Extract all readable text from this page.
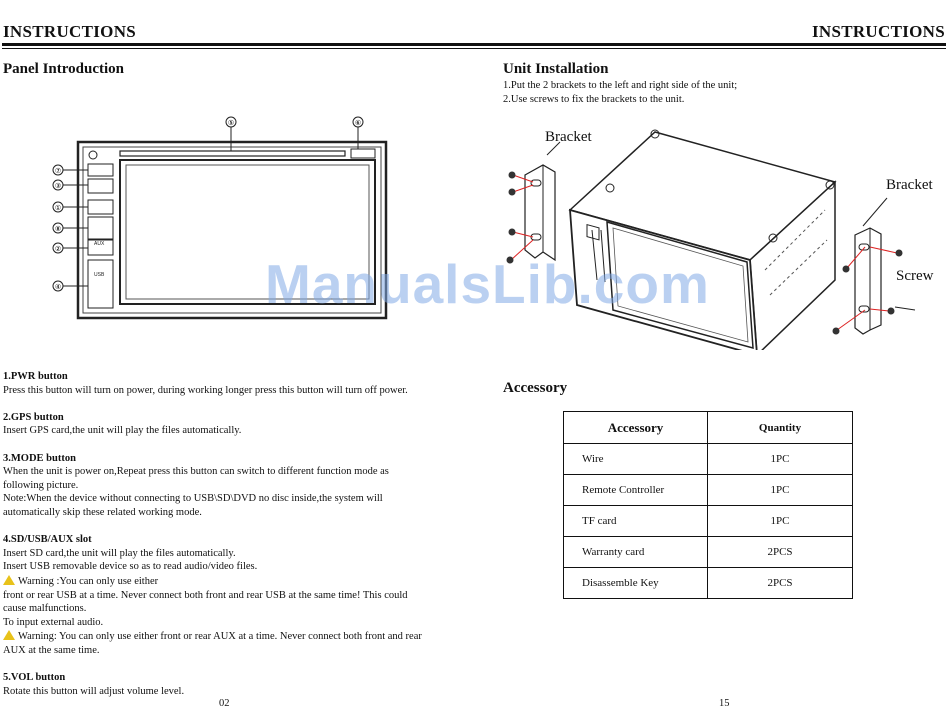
INSTRUCTIONS	INSTRUCTIONS
Panel Introduction
AUX
USB
⑤	⑥
⑦
③
①
⑧
②
④

1.PWR button

Press this button will turn on power, during working longer press this button will turn off power.

2.GPS button

Insert GPS card,the unit will play the files automatically.

3.MODE button

When the unit is power on,Repeat press this button can switch to different function mode as

following picture.

Note:When the device without connecting to USB\SD\DVD no disc inside,the system will

automatically skip these related working mode.

4.SD/USB/AUX slot

Insert SD card,the unit will play the files automatically.

Insert USB removable device so as to read audio/video files.

Warning :You can only use either

front or rear USB at a time. Never connect both front and rear USB at the same time! This could

cause malfunctions.

To input external audio.

Warning: You can only use either front or rear AUX at a time. Never connect both front and rear

AUX at the same time.

5.VOL button

Rotate this button will adjust volume level.

02
Unit Installation
1.Put the 2 brackets to the left and right side of the unit;
2.Use screws to fix the brackets to the unit.
Bracket
Bracket
Screw
Accessory
Accessory	Quantity
Wire	1PC
Remote Controller	1PC
TF card	1PC
Warranty card	2PCS
Disassemble Key	2PCS
15
ManualsLib.com
